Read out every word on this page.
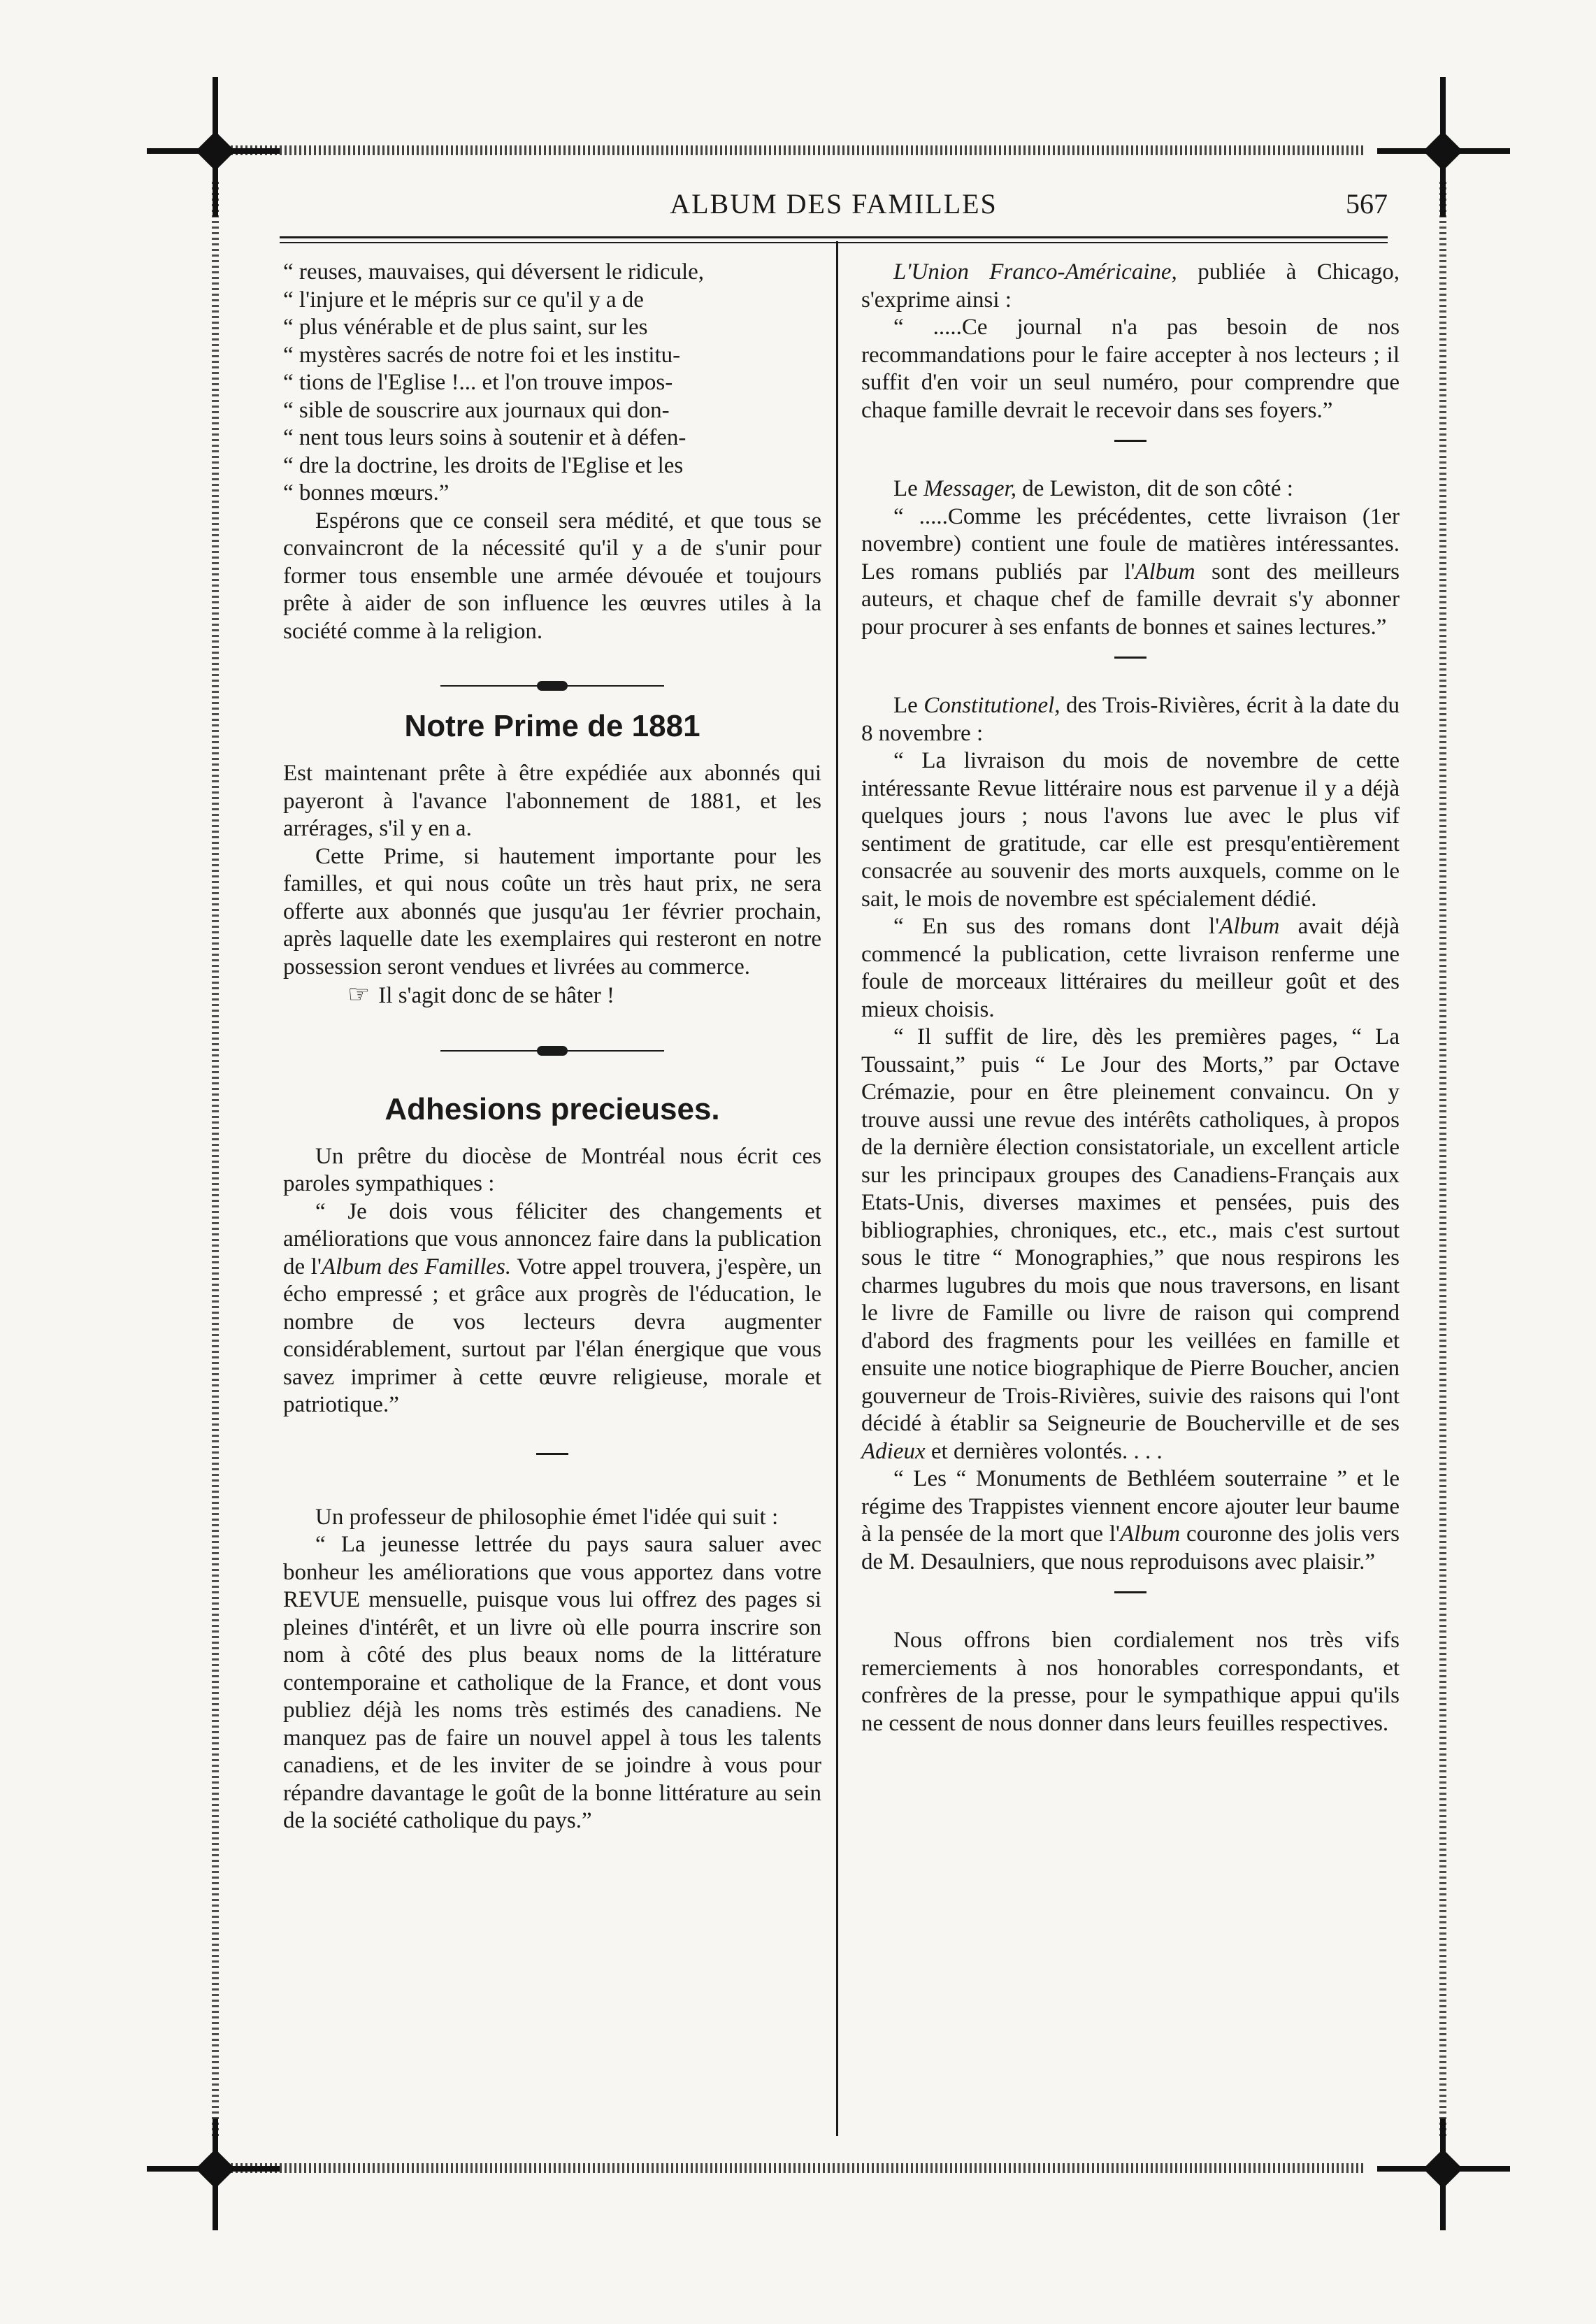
ALBUM DES FAMILLES	567

“ reuses, mauvaises, qui déversent le ridicule,

“ l'injure et le mépris sur ce qu'il y a de

“ plus vénérable et de plus saint, sur les

“ mystères sacrés de notre foi et les institu-

“ tions de l'Eglise !... et l'on trouve impos-

“ sible de souscrire aux journaux qui don-

“ nent tous leurs soins à soutenir et à défen-

“ dre la doctrine, les droits de l'Eglise et les

“ bonnes mœurs.”

Espérons que ce conseil sera médité, et que tous se convaincront de la nécessité qu'il y a de s'unir pour former tous ensemble une armée dévouée et toujours prête à aider de son influence les œuvres utiles à la société comme à la religion.

Notre Prime de 1881

Est maintenant prête à être expédiée aux abonnés qui payeront à l'avance l'abonnement de 1881, et les arrérages, s'il y en a.

Cette Prime, si hautement importante pour les familles, et qui nous coûte un très haut prix, ne sera offerte aux abonnés que jusqu'au 1er février prochain, après laquelle date les exemplaires qui resteront en notre possession seront vendues et livrées au commerce.

☞ Il s'agit donc de se hâter !

Adhesions precieuses.

Un prêtre du diocèse de Montréal nous écrit ces paroles sympathiques :

“ Je dois vous féliciter des changements et améliorations que vous annoncez faire dans la publication de l'Album des Familles. Votre appel trouvera, j'espère, un écho empressé ; et grâce aux progrès de l'éducation, le nombre de vos lecteurs devra augmenter considérablement, surtout par l'élan énergique que vous savez imprimer à cette œuvre religieuse, morale et patriotique.”

Un professeur de philosophie émet l'idée qui suit :

“ La jeunesse lettrée du pays saura saluer avec bonheur les améliorations que vous apportez dans votre REVUE mensuelle, puisque vous lui offrez des pages si pleines d'intérêt, et un livre où elle pourra inscrire son nom à côté des plus beaux noms de la littérature contemporaine et catholique de la France, et dont vous publiez déjà les noms très estimés des canadiens. Ne manquez pas de faire un nouvel appel à tous les talents canadiens, et de les inviter de se joindre à vous pour répandre davantage le goût de la bonne littérature au sein de la société catholique du pays.”

L'Union Franco-Américaine, publiée à Chicago, s'exprime ainsi :

“ .....Ce journal n'a pas besoin de nos recommandations pour le faire accepter à nos lecteurs ; il suffit d'en voir un seul numéro, pour comprendre que chaque famille devrait le recevoir dans ses foyers.”

Le Messager, de Lewiston, dit de son côté :

“ .....Comme les précédentes, cette livraison (1er novembre) contient une foule de matières intéressantes. Les romans publiés par l'Album sont des meilleurs auteurs, et chaque chef de famille devrait s'y abonner pour procurer à ses enfants de bonnes et saines lectures.”

Le Constitutionel, des Trois-Rivières, écrit à la date du 8 novembre :

“ La livraison du mois de novembre de cette intéressante Revue littéraire nous est parvenue il y a déjà quelques jours ; nous l'avons lue avec le plus vif sentiment de gratitude, car elle est presqu'entièrement consacrée au souvenir des morts auxquels, comme on le sait, le mois de novembre est spécialement dédié.

“ En sus des romans dont l'Album avait déjà commencé la publication, cette livraison renferme une foule de morceaux littéraires du meilleur goût et des mieux choisis.

“ Il suffit de lire, dès les premières pages, “ La Toussaint,” puis “ Le Jour des Morts,” par Octave Crémazie, pour en être pleinement convaincu. On y trouve aussi une revue des intérêts catholiques, à propos de la dernière élection consistatoriale, un excellent article sur les principaux groupes des Canadiens-Français aux Etats-Unis, diverses maximes et pensées, puis des bibliographies, chroniques, etc., etc., mais c'est surtout sous le titre “ Monographies,” que nous respirons les charmes lugubres du mois que nous traversons, en lisant le livre de Famille ou livre de raison qui comprend d'abord des fragments pour les veillées en famille et ensuite une notice biographique de Pierre Boucher, ancien gouverneur de Trois-Rivières, suivie des raisons qui l'ont décidé à établir sa Seigneurie de Boucherville et de ses Adieux et dernières volontés. . . .

“ Les “ Monuments de Bethléem souterraine ” et le régime des Trappistes viennent encore ajouter leur baume à la pensée de la mort que l'Album couronne des jolis vers de M. Desaulniers, que nous reproduisons avec plaisir.”

Nous offrons bien cordialement nos très vifs remerciements à nos honorables correspondants, et confrères de la presse, pour le sympathique appui qu'ils ne cessent de nous donner dans leurs feuilles respectives.
